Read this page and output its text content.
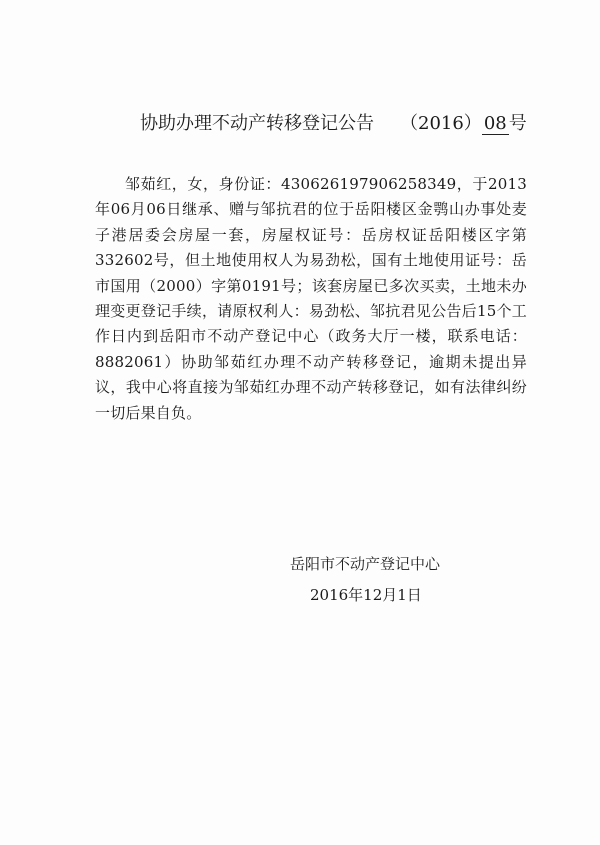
协助办理不动产转移登记公告 （2016） 08 号
邹茹红，女，身份证：430626197906258349，于2013年06月06日继承、赠与邹抗君的位于岳阳楼区金鹗山办事处麦子港居委会房屋一套，房屋权证号：岳房权证岳阳楼区字第332602号，但土地使用权人为易劲松，国有土地使用证号：岳市国用（2000）字第0191号；该套房屋已多次买卖，土地未办理变更登记手续，请原权利人：易劲松、邹抗君见公告后15个工作日内到岳阳市不动产登记中心（政务大厅一楼，联系电话：8882061）协助邹茹红办理不动产转移登记，逾期未提出异议，我中心将直接为邹茹红办理不动产转移登记，如有法律纠纷一切后果自负。
岳阳市不动产登记中心
2016年12月1日
